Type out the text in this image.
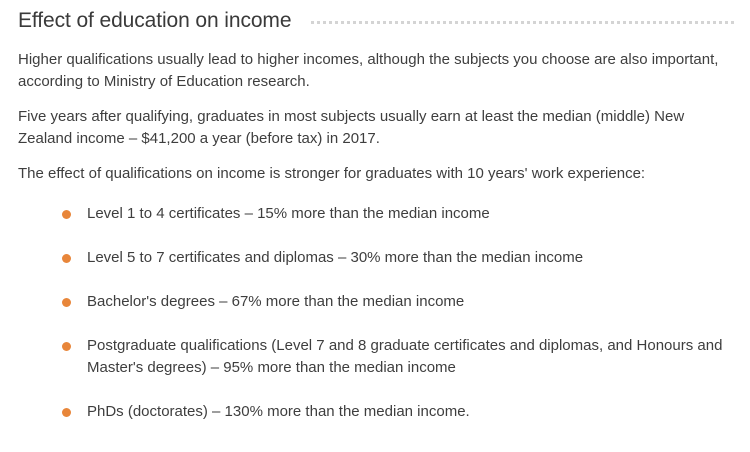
Effect of education on income

Higher qualifications usually lead to higher incomes, although the subjects you choose are also important, according to Ministry of Education research.

Five years after qualifying, graduates in most subjects usually earn at least the median (middle) New Zealand income – $41,200 a year (before tax) in 2017.

The effect of qualifications on income is stronger for graduates with 10 years' work experience:

Level 1 to 4 certificates – 15% more than the median income
Level 5 to 7 certificates and diplomas – 30% more than the median income
Bachelor's degrees – 67% more than the median income
Postgraduate qualifications (Level 7 and 8 graduate certificates and diplomas, and Honours and Master's degrees) – 95% more than the median income
PhDs (doctorates) – 130% more than the median income.
